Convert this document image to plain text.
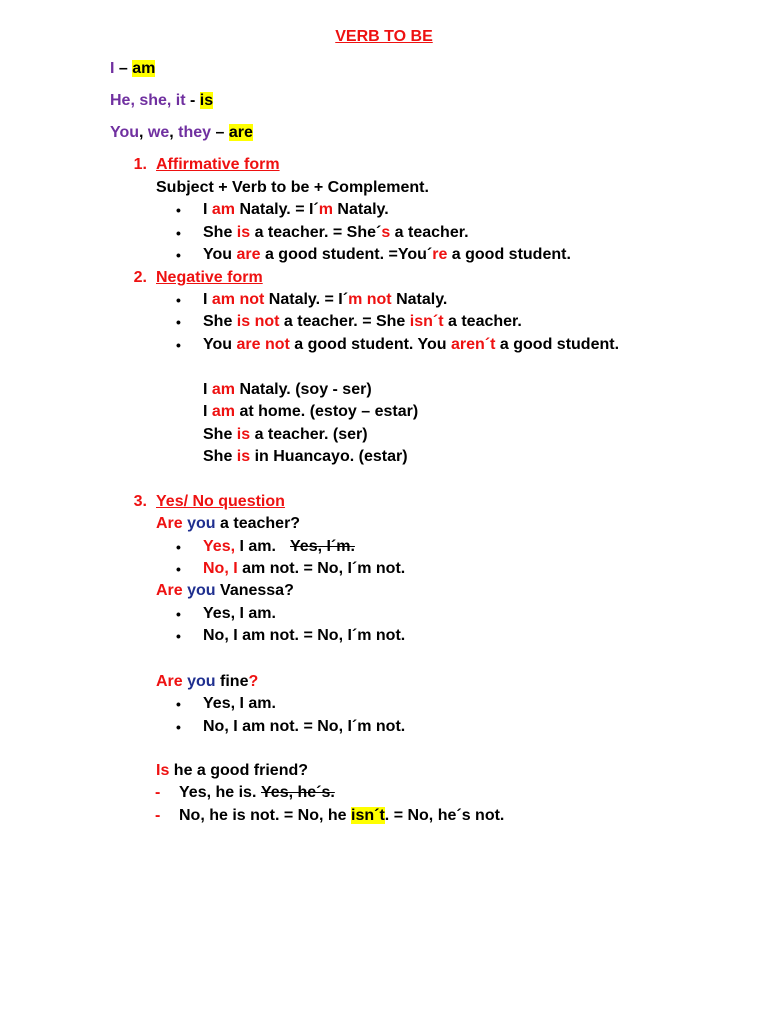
VERB TO BE
I – am
He, she, it - is
You, we, they – are
1. Affirmative form
Subject + Verb to be + Complement.
• I am Nataly. = I´m Nataly.
• She is a teacher. = She´s a teacher.
• You are a good student. =You´re a good student.
2. Negative form
• I am not Nataly. = I´m not Nataly.
• She is not a teacher. = She isn´t a teacher.
• You are not a good student. You aren´t a good student.
I am Nataly. (soy - ser)
I am at home. (estoy – estar)
She is a teacher. (ser)
She is in Huancayo. (estar)
3. Yes/ No question
Are you a teacher?
• Yes, I am. Yes, I´m.
• No, I am not. = No, I´m not.
Are you Vanessa?
• Yes, I am.
• No, I am not. = No, I´m not.
Are you fine?
• Yes, I am.
• No, I am not. = No, I´m not.
Is he a good friend?
- Yes, he is. Yes, he´s.
- No, he is not. = No, he isn´t. = No, he´s not.
